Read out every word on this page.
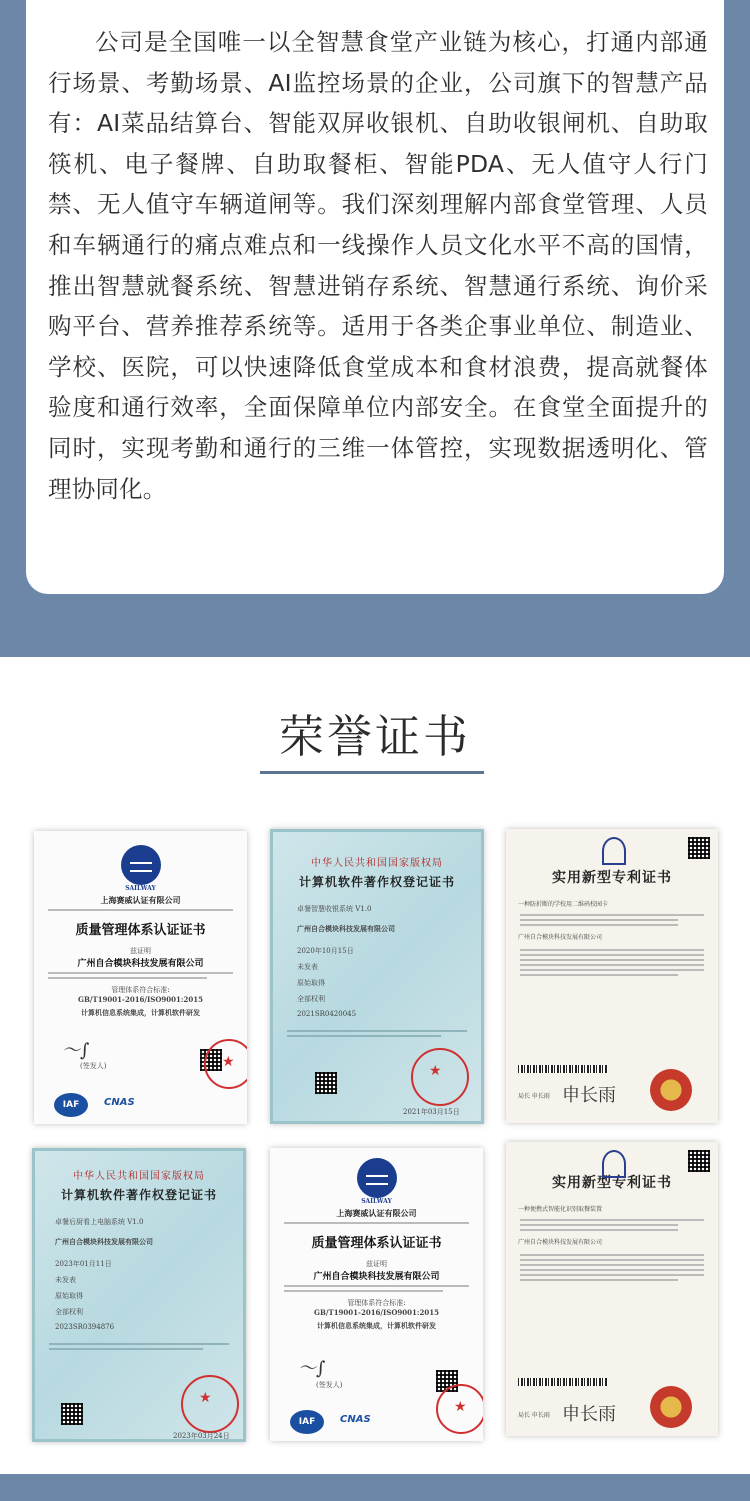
公司是全国唯一以全智慧食堂产业链为核心，打通内部通行场景、考勤场景、AI监控场景的企业，公司旗下的智慧产品有：AI菜品结算台、智能双屏收银机、自助收银闸机、自助取筷机、电子餐牌、自助取餐柜、智能PDA、无人值守人行门禁、无人值守车辆道闸等。我们深刻理解内部食堂管理、人员和车辆通行的痛点难点和一线操作人员文化水平不高的国情，推出智慧就餐系统、智慧进销存系统、智慧通行系统、询价采购平台、营养推荐系统等。适用于各类企事业单位、制造业、学校、医院，可以快速降低食堂成本和食材浪费，提高就餐体验度和通行效率，全面保障单位内部安全。在食堂全面提升的同时，实现考勤和通行的三维一体管控，实现数据透明化、管理协同化。

荣誉证书
SAILWAY
上海赛威认证有限公司
质量管理体系认证证书
兹证明
广州自合模块科技发展有限公司
管理体系符合标准:
GB/T19001-2016/ISO9001:2015
计算机信息系统集成，计算机软件研发
〜∫
(签发人)
★
IAF	CNAS
中华人民共和国国家版权局
计算机软件著作权登记证书
卓餐智慧收银系统 V1.0
广州自合模块科技发展有限公司
2020年10月15日
未发表
原始取得
全部权利
2021SR0420045
★
2021年03月15日
实用新型专利证书
一种防折断的学校用二维码校园卡
广州自合模块科技发展有限公司
局长 申长雨 申长雨
中华人民共和国国家版权局
计算机软件著作权登记证书
卓餐后厨看上电脑系统 V1.0
广州自合模块科技发展有限公司
2023年01月11日
未发表
原始取得
全部权利
2023SR0394876
★
2023年03月24日
SAILWAY
上海赛威认证有限公司
质量管理体系认证证书
兹证明
广州自合模块科技发展有限公司
管理体系符合标准:
GB/T19001-2016/ISO9001:2015
计算机信息系统集成，计算机软件研发
〜∫
(签发人)
★
IAF	CNAS
实用新型专利证书
一种便携式智能化识别取餐装置
广州自合模块科技发展有限公司
局长 申长雨 申长雨
